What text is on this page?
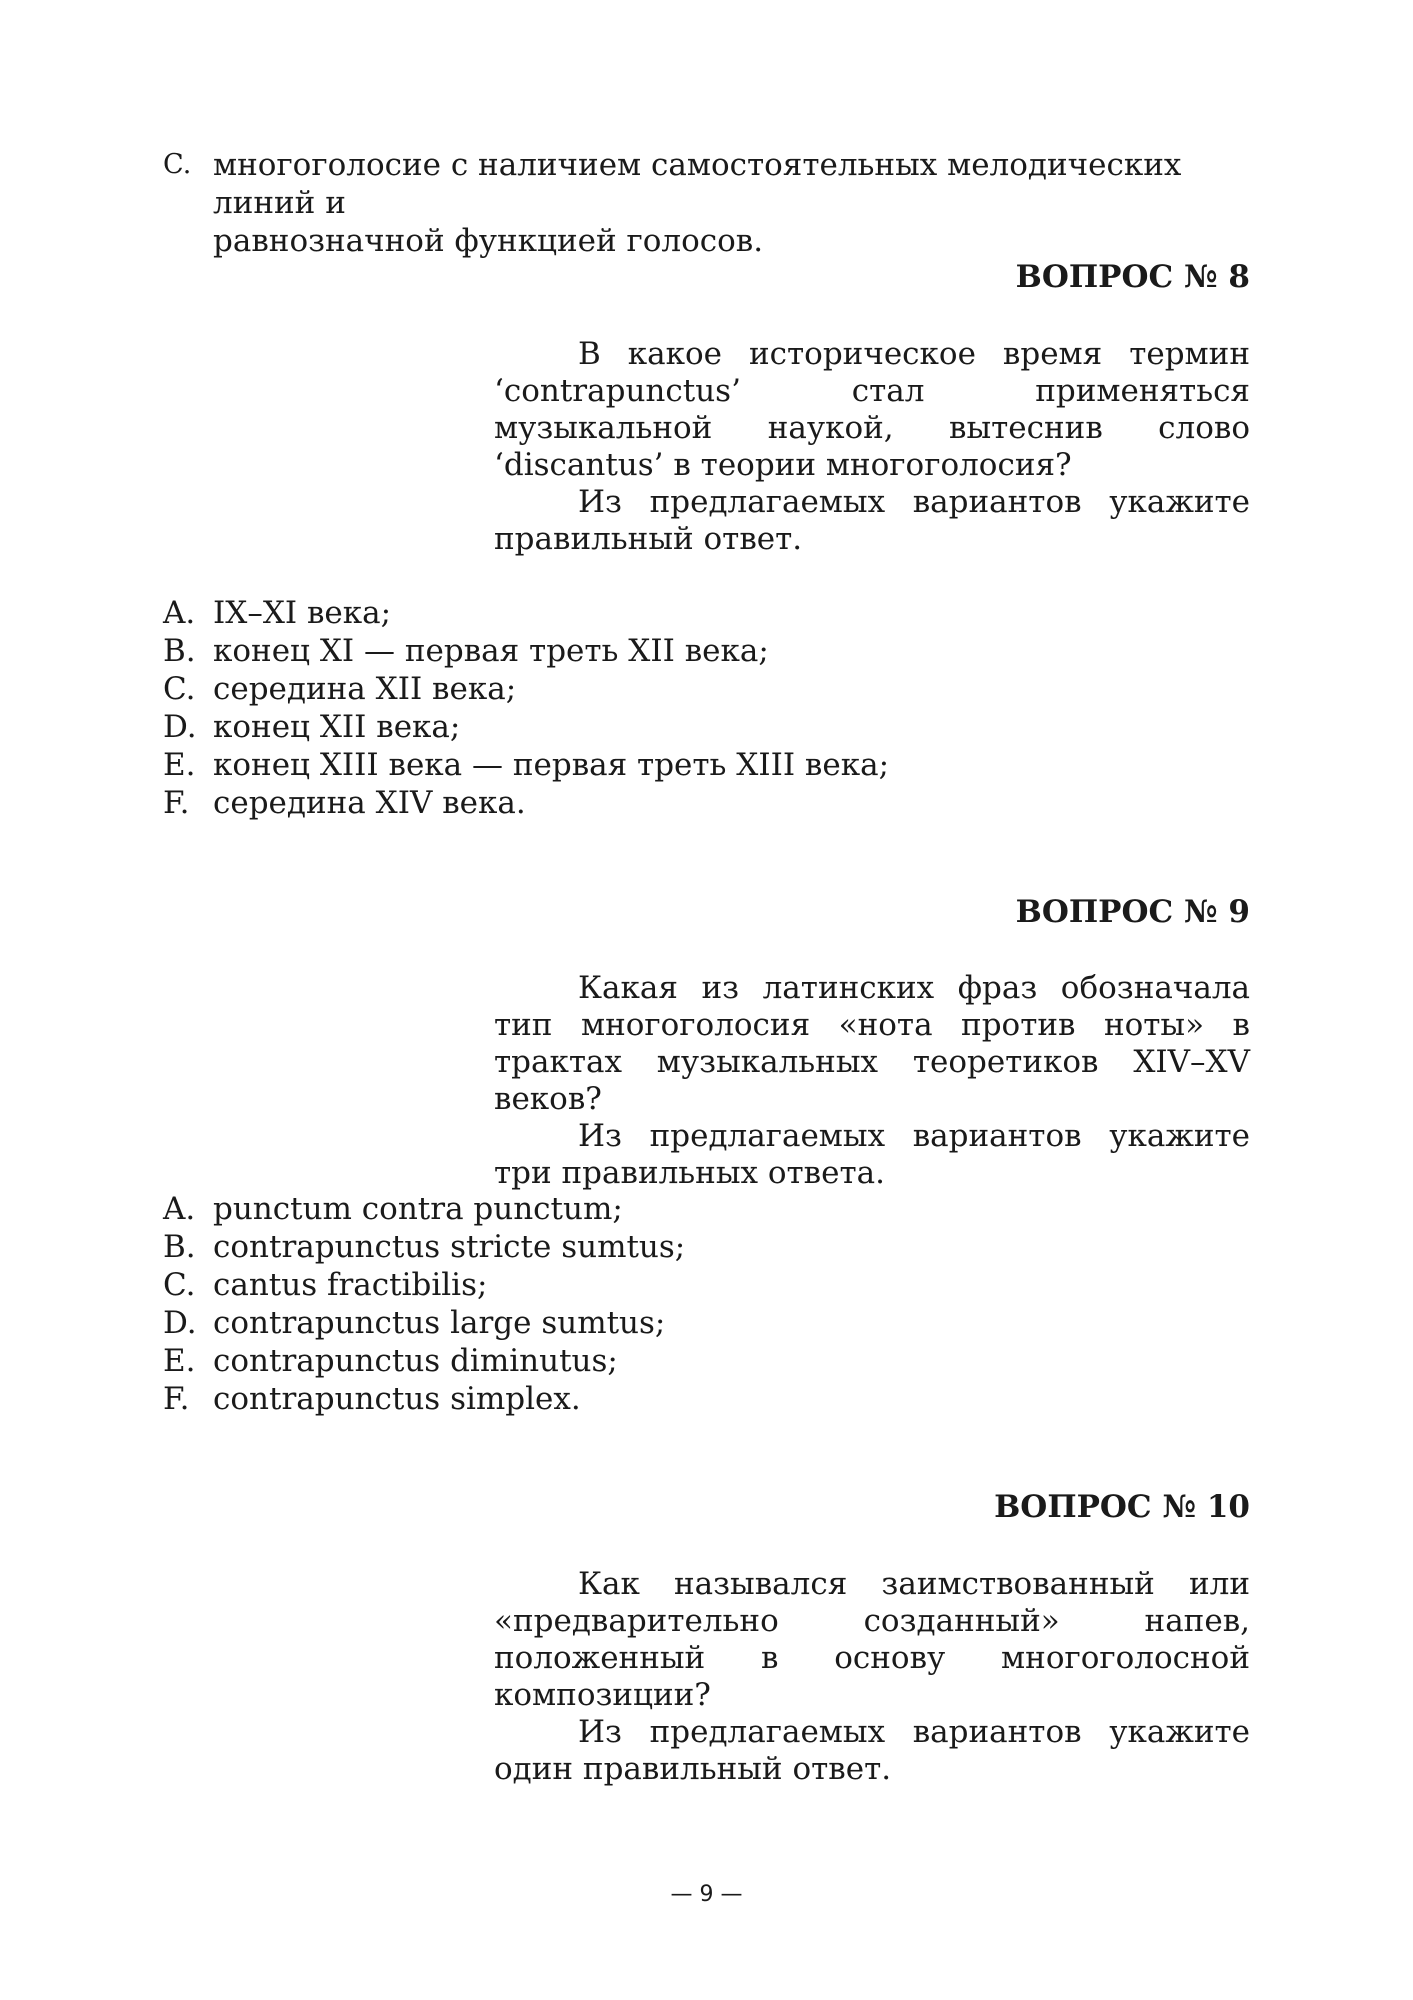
C. многоголосие с наличием самостоятельных мелодических линий и
равнозначной функцией голосов.
ВОПРОС № 8

В какое историческое время термин ‘contrapunctus’ стал применяться музыкальной наукой, вытеснив слово ‘discantus’ в теории многоголосия?

Из предлагаемых вариантов укажите правильный ответ.

A. IX–XI века;
B. конец XI — первая треть XII века;
C. середина XII века;
D. конец XII века;
E. конец XIII века — первая треть XIII века;
F. середина XIV века.
ВОПРОС № 9

Какая из латинских фраз обозначала тип многоголосия «нота против ноты» в трактах музыкальных теоретиков XIV–XV веков?

Из предлагаемых вариантов укажите три правильных ответа.

A. punctum contra punctum;
B. contrapunctus stricte sumtus;
C. cantus fractibilis;
D. contrapunctus large sumtus;
E. contrapunctus diminutus;
F. contrapunctus simplex.
ВОПРОС № 10

Как назывался заимствованный или «предварительно созданный» напев, положенный в основу многоголосной композиции?

Из предлагаемых вариантов укажите один правильный ответ.

— 9 —
